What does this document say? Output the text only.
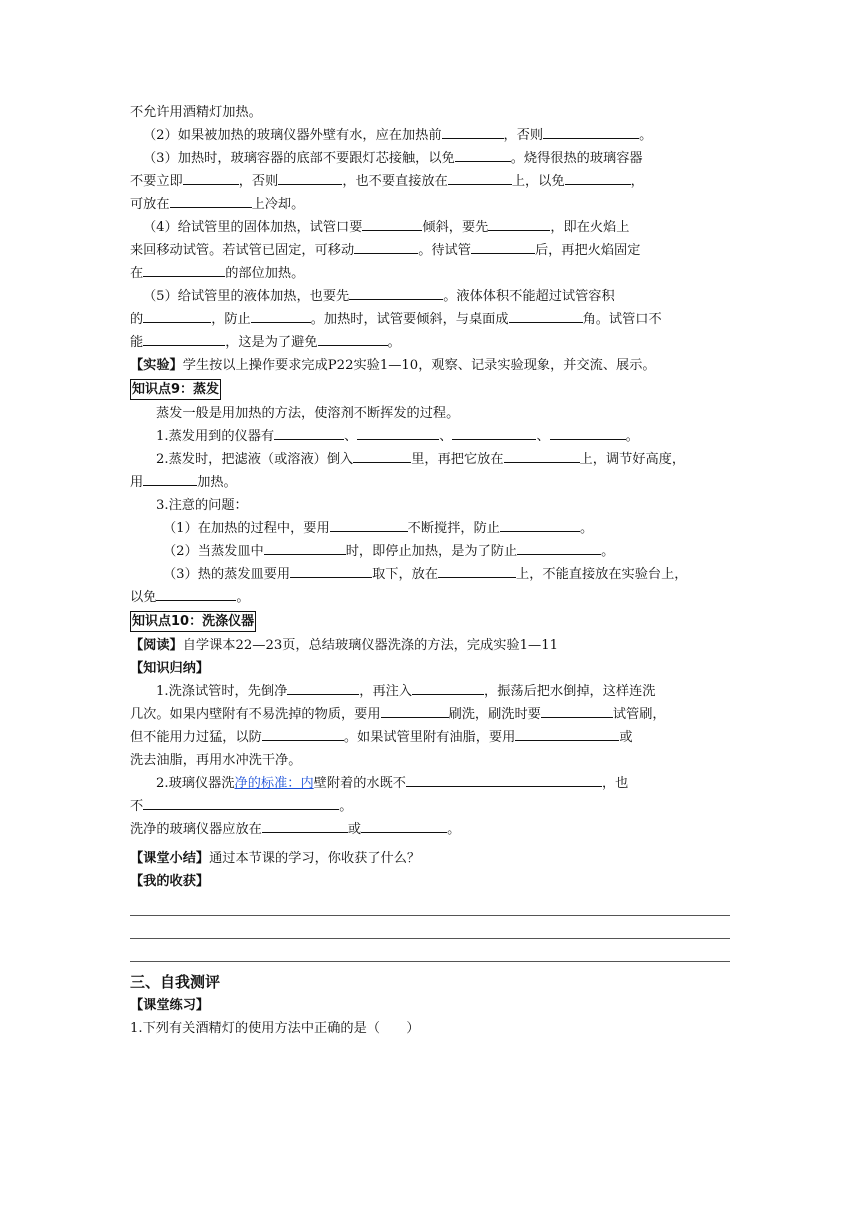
不允许用酒精灯加热。

（2）如果被加热的玻璃仪器外壁有水，应在加热前	，否则	。

（3）加热时，玻璃容器的底部不要跟灯芯接触，以免	。烧得很热的玻璃容器

不要立即	，否则	，也不要直接放在	上，以免	，

可放在	上冷却。

（4）给试管里的固体加热，试管口要	倾斜，要先	，即在火焰上

来回移动试管。若试管已固定，可移动	。待试管	后，再把火焰固定

在	的部位加热。

（5）给试管里的液体加热，也要先	。液体体积不能超过试管容积

的	，防止	。加热时，试管要倾斜，与桌面成	角。试管口不

能	，这是为了避免	。

【实验】学生按以上操作要求完成P22实验1—10，观察、记录实验现象，并交流、展示。

知识点9：蒸发

蒸发一般是用加热的方法，使溶剂不断挥发的过程。

1.蒸发用到的仪器有	、	、	、	。

2.蒸发时，把滤液（或溶液）倒入	里，再把它放在	上，调节好高度，

用	加热。

3.注意的问题：

（1）在加热的过程中，要用	不断搅拌，防止	。

（2）当蒸发皿中	时，即停止加热，是为了防止	。

（3）热的蒸发皿要用	取下，放在	上，不能直接放在实验台上，

以免	。

知识点10：洗涤仪器

【阅读】自学课本22—23页，总结玻璃仪器洗涤的方法，完成实验1—11

【知识归纳】

1.洗涤试管时，先倒净	，再注入	，振荡后把水倒掉，这样连洗

几次。如果内壁附有不易洗掉的物质，要用	刷洗，刷洗时要	试管刷，

但不能用力过猛，以防	。如果试管里附有油脂，要用	或

洗去油脂，再用水冲洗干净。

2.玻璃仪器洗净的标准：内壁附着的水既不	，也

不	。

洗净的玻璃仪器应放在	或	。

【课堂小结】通过本节课的学习，你收获了什么？

【我的收获】

三、自我测评

【课堂练习】

1.下列有关酒精灯的使用方法中正确的是（　　）
